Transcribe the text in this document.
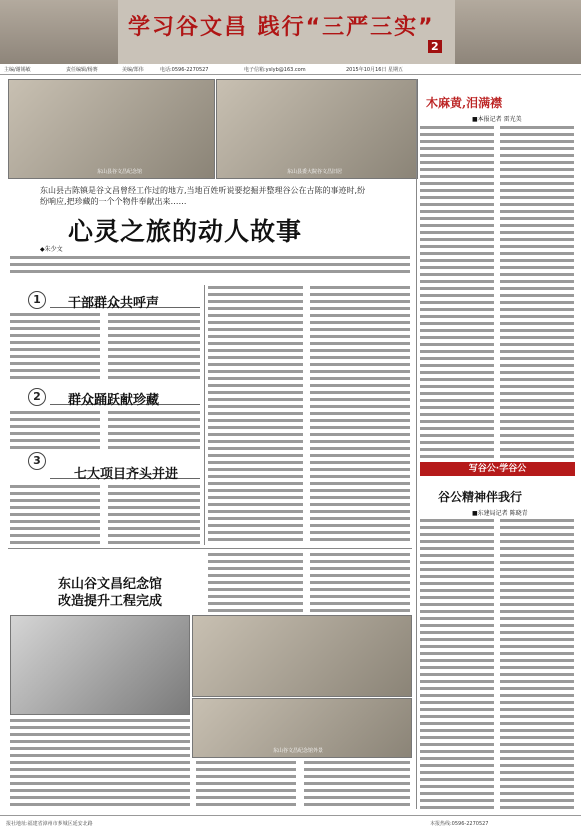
学习谷文昌 践行“三严三实”
2
主编/谢锡敏	责任编辑/杨赛	美编/郑伟	电话:0596-2270527	电子信箱:yslyb@163.com	2015年10月16日 星期五
东山县谷文昌纪念馆	东山县委大院谷文昌旧居
东山县古陈镇是谷文昌曾经工作过的地方,当地百姓听说要挖掘并整理谷公在古陈的事迹时,纷纷响应,把珍藏的一个个物件奉献出来……
心灵之旅的动人故事
◆朱少文
1	干部群众共呼声
2	群众踊跃献珍藏
3
七大项目齐头并进
东山谷文昌纪念馆
改造提升工程完成
东山谷文昌纪念馆外景
木麻黄,泪满襟
■本报记者 雷光美
写谷公·学谷公
谷公精神伴我行
■东建局记者 陈晓青
报社地址:福建省漳州市芗城区延安北路	本报热线:0596-2270527
